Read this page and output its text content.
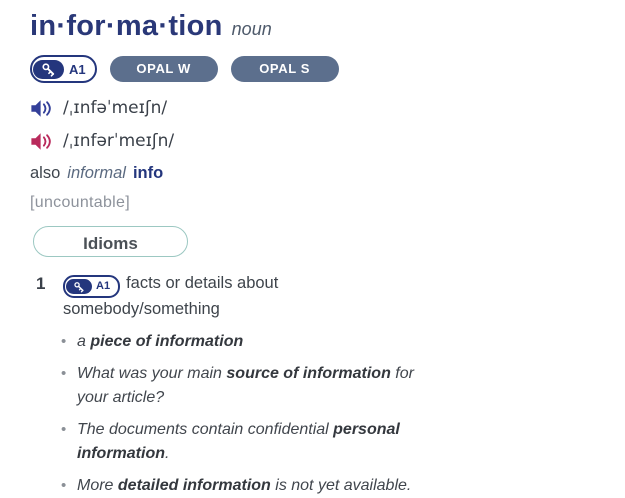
in·for·ma·tion noun
A1	OPAL W	OPAL S
/ˌɪnfəˈmeɪʃn/
/ˌɪnfərˈmeɪʃn/
also informal info
[uncountable]
Idioms
1	A1 facts or details about somebody/something
• a piece of information
• What was your main source of information for
your article?
• The documents contain confidential personal
information.
• More detailed information is not yet available.
